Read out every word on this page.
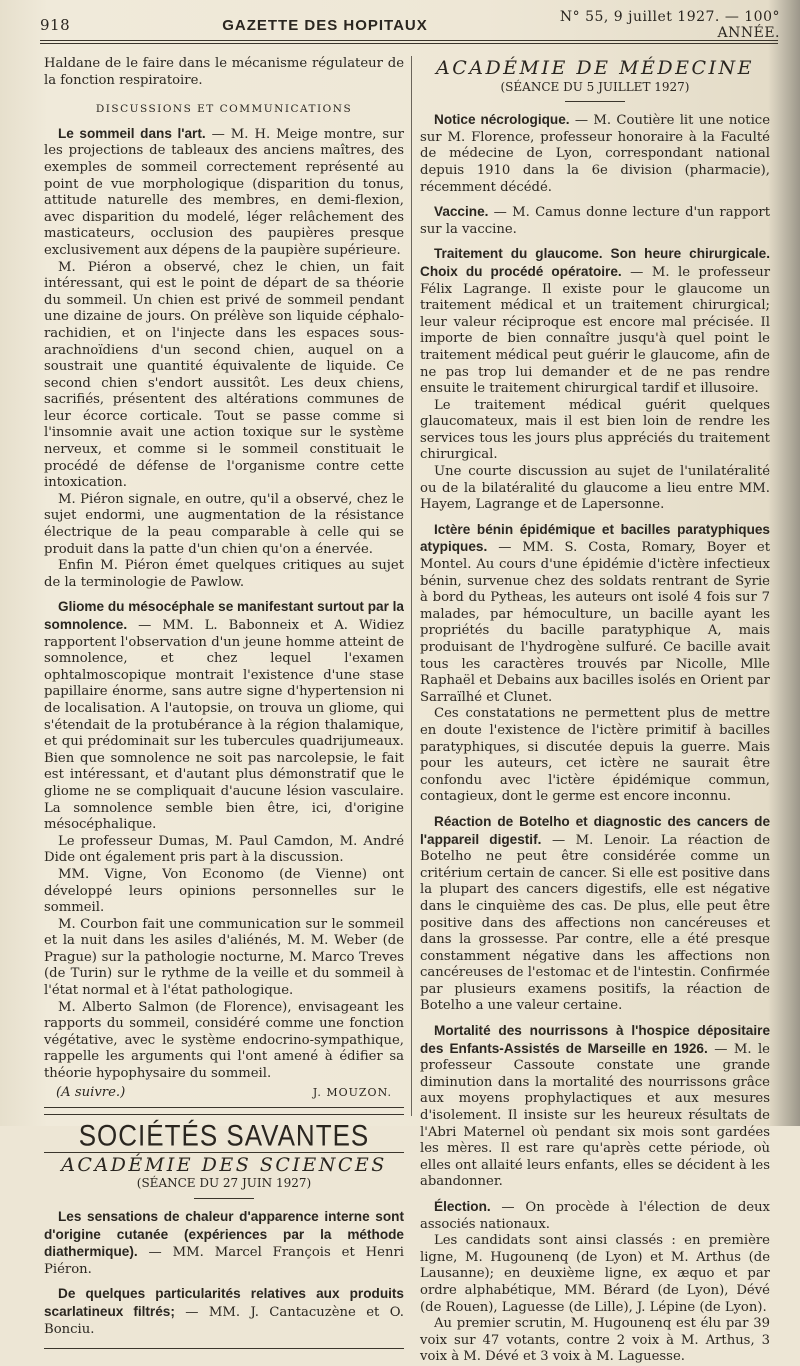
918	GAZETTE DES HOPITAUX	N° 55, 9 juillet 1927. — 100° ANNÉE.

Haldane de le faire dans le mécanisme régulateur de la fonction respiratoire.

DISCUSSIONS ET COMMUNICATIONS

Le sommeil dans l'art. — M. H. Meige montre, sur les projections de tableaux des anciens maîtres, des exemples de sommeil correctement représenté au point de vue morphologique (disparition du tonus, attitude naturelle des membres, en demi-flexion, avec disparition du modelé, léger relâchement des masticateurs, occlusion des paupières presque exclusivement aux dépens de la paupière supérieure.

M. Piéron a observé, chez le chien, un fait intéressant, qui est le point de départ de sa théorie du sommeil. Un chien est privé de sommeil pendant une dizaine de jours. On prélève son liquide céphalo-rachidien, et on l'injecte dans les espaces sous-arachnoïdiens d'un second chien, auquel on a soustrait une quantité équivalente de liquide. Ce second chien s'endort aussitôt. Les deux chiens, sacrifiés, présentent des altérations communes de leur écorce corticale. Tout se passe comme si l'insomnie avait une action toxique sur le système nerveux, et comme si le sommeil constituait le procédé de défense de l'organisme contre cette intoxication.

M. Piéron signale, en outre, qu'il a observé, chez le sujet endormi, une augmentation de la résistance électrique de la peau comparable à celle qui se produit dans la patte d'un chien qu'on a énervée.

Enfin M. Piéron émet quelques critiques au sujet de la terminologie de Pawlow.

Gliome du mésocéphale se manifestant surtout par la somnolence. — MM. L. Babonneix et A. Widiez rapportent l'observation d'un jeune homme atteint de somnolence, et chez lequel l'examen ophtalmoscopique montrait l'existence d'une stase papillaire énorme, sans autre signe d'hypertension ni de localisation. A l'autopsie, on trouva un gliome, qui s'étendait de la protubérance à la région thalamique, et qui prédominait sur les tubercules quadrijumeaux. Bien que somnolence ne soit pas narcolepsie, le fait est intéressant, et d'autant plus démonstratif que le gliome ne se compliquait d'aucune lésion vasculaire. La somnolence semble bien être, ici, d'origine mésocéphalique.

Le professeur Dumas, M. Paul Camdon, M. André Dide ont également pris part à la discussion.

MM. Vigne, Von Economo (de Vienne) ont développé leurs opinions personnelles sur le sommeil.

M. Courbon fait une communication sur le sommeil et la nuit dans les asiles d'aliénés, M. M. Weber (de Prague) sur la pathologie nocturne, M. Marco Treves (de Turin) sur le rythme de la veille et du sommeil à l'état normal et à l'état pathologique.

M. Alberto Salmon (de Florence), envisageant les rapports du sommeil, considéré comme une fonction végétative, avec le système endocrino-sympathique, rappelle les arguments qui l'ont amené à édifier sa théorie hypophysaire du sommeil.

(A suivre.)	J. MOUZON.
SOCIÉTÉS SAVANTES
ACADÉMIE DES SCIENCES
(SÉANCE DU 27 JUIN 1927)

Les sensations de chaleur d'apparence interne sont d'origine cutanée (expériences par la méthode diathermique). — MM. Marcel François et Henri Piéron.

De quelques particularités relatives aux produits scarlatineux filtrés; — MM. J. Cantacuzène et O. Bonciu.

ACADÉMIE DE MÉDECINE
(SÉANCE DU 5 JUILLET 1927)

Notice nécrologique. — M. Coutière lit une notice sur M. Florence, professeur honoraire à la Faculté de médecine de Lyon, correspondant national depuis 1910 dans la 6e division (pharmacie), récemment décédé.

Vaccine. — M. Camus donne lecture d'un rapport sur la vaccine.

Traitement du glaucome. Son heure chirurgicale. Choix du procédé opératoire. — M. le professeur Félix Lagrange. Il existe pour le glaucome un traitement médical et un traitement chirurgical; leur valeur réciproque est encore mal précisée. Il importe de bien connaître jusqu'à quel point le traitement médical peut guérir le glaucome, afin de ne pas trop lui demander et de ne pas rendre ensuite le traitement chirurgical tardif et illusoire.

Le traitement médical guérit quelques glaucomateux, mais il est bien loin de rendre les services tous les jours plus appréciés du traitement chirurgical.

Une courte discussion au sujet de l'unilatéralité ou de la bilatéralité du glaucome a lieu entre MM. Hayem, Lagrange et de Lapersonne.

Ictère bénin épidémique et bacilles paratyphiques atypiques. — MM. S. Costa, Romary, Boyer et Montel. Au cours d'une épidémie d'ictère infectieux bénin, survenue chez des soldats rentrant de Syrie à bord du Pytheas, les auteurs ont isolé 4 fois sur 7 malades, par hémoculture, un bacille ayant les propriétés du bacille paratyphique A, mais produisant de l'hydrogène sulfuré. Ce bacille avait tous les caractères trouvés par Nicolle, Mlle Raphaël et Debains aux bacilles isolés en Orient par Sarraïlhé et Clunet.

Ces constatations ne permettent plus de mettre en doute l'existence de l'ictère primitif à bacilles paratyphiques, si discutée depuis la guerre. Mais pour les auteurs, cet ictère ne saurait être confondu avec l'ictère épidémique commun, contagieux, dont le germe est encore inconnu.

Réaction de Botelho et diagnostic des cancers de l'appareil digestif. — M. Lenoir. La réaction de Botelho ne peut être considérée comme un critérium certain de cancer. Si elle est positive dans la plupart des cancers digestifs, elle est négative dans le cinquième des cas. De plus, elle peut être positive dans des affections non cancéreuses et dans la grossesse. Par contre, elle a été presque constamment négative dans les affections non cancéreuses de l'estomac et de l'intestin. Confirmée par plusieurs examens positifs, la réaction de Botelho a une valeur certaine.

Mortalité des nourrissons à l'hospice dépositaire des Enfants-Assistés de Marseille en 1926. — M. le professeur Cassoute constate une grande diminution dans la mortalité des nourrissons grâce aux moyens prophylactiques et aux mesures d'isolement. Il insiste sur les heureux résultats de l'Abri Maternel où pendant six mois sont gardées les mères. Il est rare qu'après cette période, où elles ont allaité leurs enfants, elles se décident à les abandonner.

Élection. — On procède à l'élection de deux associés nationaux.

Les candidats sont ainsi classés : en première ligne, M. Hugounenq (de Lyon) et M. Arthus (de Lausanne); en deuxième ligne, ex æquo et par ordre alphabétique, MM. Bérard (de Lyon), Dévé (de Rouen), Laguesse (de Lille), J. Lépine (de Lyon).

Au premier scrutin, M. Hugounenq est élu par 39 voix sur 47 votants, contre 2 voix à M. Arthus, 3 voix à M. Dévé et 3 voix à M. Laguesse.
